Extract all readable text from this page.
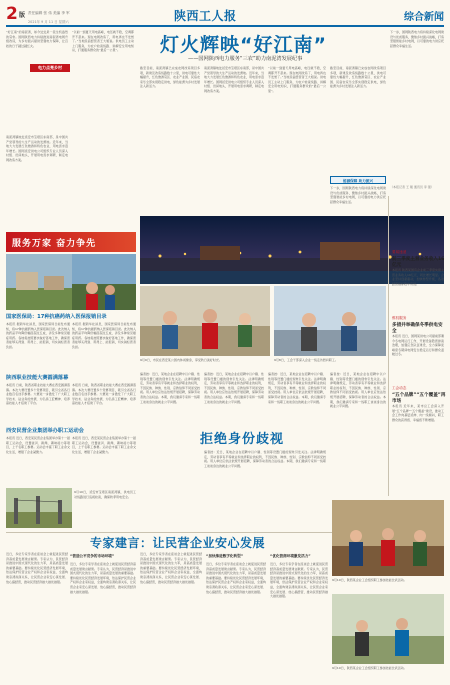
2 版 责任编辑 张 伟 美编 李 军	陕西工人报	综合新闻
2021年 9 月 11 日 星期六
“好江南”的南泥湾，如今处处是一派生机盎然的景象。国网陕西电力持续推进南泥湾电网升级改造，为乡村振兴提供坚强电力保障，让百姓的日子越过越红火。
南泥湾镇地处延安市宝塔区东南部，是中国共产党领导的大生产运动的发源地。近年来，当地大力发展红色旅游和特色农业，用电需求逐年增长。国网延安供电公司组织专业人员深入村组、田间地头，开展用电需求调研，制定电网改造方案。
“以前一到夏天用电高峰，电压就不稳，空调都开不起来。现在电网改造了，用电再也不发愁了。”当地民宿经营者王大姐说。供电员工主动上门服务，为农户检查线路、讲解安全用电知识，打通服务群众的“最后一公里”。
电力点亮乡村
灯火辉映“好江南”
——国网陕西电力服务“三农”助力南泥湾发展纪事
截至目前，南泥湾镇已完成农网改造项目多项，新建及改造线路数十公里，供电可靠性大幅提升，红色旅游景区、农业产业园、民宿农家乐全部实现稳定供电，绿色能源为乡村发展注入新活力。
南泥湾镇地处延安市宝塔区东南部，是中国共产党领导的大生产运动的发源地。近年来，当地大力发展红色旅游和特色农业，用电需求逐年增长。国网延安供电公司组织专业人员深入村组、田间地头，开展用电需求调研，制定电网改造方案。
“以前一到夏天用电高峰，电压就不稳，空调都开不起来。现在电网改造了，用电再也不发愁了。”当地民宿经营者王大姐说。供电员工主动上门服务，为农户检查线路、讲解安全用电知识，打通服务群众的“最后一公里”。
截至目前，南泥湾镇已完成农网改造项目多项，新建及改造线路数十公里，供电可靠性大幅提升，红色旅游景区、农业产业园、民宿农家乐全部实现稳定供电，绿色能源为乡村发展注入新活力。
能源保障 助力振兴
下一步，国网陕西电力将持续深化电网建设与优质服务，聚焦乡村振兴战略，打造坚强智能乡村电网，以可靠的电力供应托起群众幸福生活。
下一步，国网陕西电力将持续深化电网建设与优质服务，聚焦乡村振兴战略，打造坚强智能乡村电网，以可靠的电力供应托起群众幸福生活。
（本报记者 王 刚 通讯员 李 强）
服务万家 奋力争先
国家医保局：17种抗癌药纳入医保报销目录
本报讯 据新华社消息，国家医保局日前发布通知，将17种抗癌药纳入医保报销目录。此次纳入的药品平均降价幅度超过五成，涉及多种常见癌症用药。各地将按照要求做好落地工作，确保患者能够买得到、用得上、能报销，切实减轻患者负担。
本报讯 据新华社消息，国家医保局日前发布通知，将17种抗癌药纳入医保报销目录。此次纳入的药品平均降价幅度超过五成，涉及多种常见癌症用药。各地将按照要求做好落地工作，确保患者能够买得到、用得上、能报销，切实减轻患者负担。
陕西职业技能大赛圆满落幕
本报讯 日前，陕西省职业技能大赛在西安圆满落幕。本次大赛设置多个竞赛项目，吸引全省各行业数百名选手参赛。大赛进一步激发了广大职工学技术、钻业务的热情，为弘扬工匠精神、培养高技能人才搭建了平台。
本报讯 日前，陕西省职业技能大赛在西安圆满落幕。本次大赛设置多个竞赛项目，吸引全省各行业数百名选手参赛。大赛进一步激发了广大职工学技术、钻业务的热情，为弘扬工匠精神、培养高技能人才搭建了平台。
西安民营企业集团举办职工运动会
本报讯 近日，西安某民营企业集团举办第十一届职工运动会，设置拔河、跳绳、趣味接力等项目，上千名职工参赛。运动会丰富了职工业余文化生活，增强了企业凝聚力。
本报讯 近日，西安某民营企业集团举办第十一届职工运动会，设置拔河、跳绳、趣味接力等项目，上千名职工参赛。运动会丰富了职工业余文化生活，增强了企业凝聚力。
9月10日，延安市宝塔区南泥湾镇，供电员工对线路进行巡视检查，确保秋季用电安全。
9月9日，市民在西安某公园内休闲健身，享受秋日美好时光。	9月8日，工会干部深入企业一线走访慰问职工。
编者按：近日，某地企业在招聘中以户籍、性别等设置门槛的现象引发关注。法律明确规定，劳动者享有平等就业和选择职业的权利，不因民族、种族、性别、宗教信仰不同而受歧视。用人单位应依法依规开展招聘，保障劳动者的合法权益。本期，我们邀请专家和一线职工谈谈身边的就业公平问题。
编者按：近日，某地企业在招聘中以户籍、性别等设置门槛的现象引发关注。法律明确规定，劳动者享有平等就业和选择职业的权利，不因民族、种族、性别、宗教信仰不同而受歧视。用人单位应依法依规开展招聘，保障劳动者的合法权益。本期，我们邀请专家和一线职工谈谈身边的就业公平问题。
拒绝身份歧视
编者按：近日，某地企业在招聘中以户籍、性别等设置门槛的现象引发关注。法律明确规定，劳动者享有平等就业和选择职业的权利，不因民族、种族、性别、宗教信仰不同而受歧视。用人单位应依法依规开展招聘，保障劳动者的合法权益。本期，我们邀请专家和一线职工谈谈身边的就业公平问题。
编者按：近日，某地企业在招聘中以户籍、性别等设置门槛的现象引发关注。法律明确规定，劳动者享有平等就业和选择职业的权利，不因民族、种族、性别、宗教信仰不同而受歧视。用人单位应依法依规开展招聘，保障劳动者的合法权益。本期，我们邀请专家和一线职工谈谈身边的就业公平问题。
编者按：近日，某地企业在招聘中以户籍、性别等设置门槛的现象引发关注。法律明确规定，劳动者享有平等就业和选择职业的权利，不因民族、种族、性别、宗教信仰不同而受歧视。用人单位应依法依规开展招聘，保障劳动者的合法权益。本期，我们邀请专家和一线职工谈谈身边的就业公平问题。
要闻速递
前三季度主营业务收入16亿元
本报讯 陕西某国有企业前三季度实现主营业务收入16亿元，同比增长明显。企业坚持创新驱动，加快转型升级，各项经营指标稳中有进。
维权服务
多措并举确保冬季供电安全
本报讯 近日，国网某供电公司提前部署今冬电网运行工作，开展设备隐患排查治理，加强应急队伍建设，全力保障迎峰度冬期间电网安全稳定运行和群众温暖过冬。
工会动态
“五个品牌”“五个覆盖”再市场
本报讯 近年来，某市总工会深入开展“五个品牌”“五个覆盖”建设，推动工会工作向基层延伸、向一线倾斜，职工群众的获得感、幸福感不断增强。
专家建言：让民营企业安心发展
近日，多位专家学者在座谈会上就促进民营经济高质量发展建言献策。专家认为，民营经济是推进中国式现代化的生力军，是高质量发展的重要基础。要持续优化民营经济发展环境，依法保护民营企业产权和企业家权益，全面构建亲清政商关系，让民营企业家安心谋发展、放心搞经营，推动民营经济做大做优做强。
“营造公平竞争的市场环境”
近日，多位专家学者在座谈会上就促进民营经济高质量发展建言献策。专家认为，民营经济是推进中国式现代化的生力军，是高质量发展的重要基础。要持续优化民营经济发展环境，依法保护民营企业产权和企业家权益，全面构建亲清政商关系，让民营企业家安心谋发展、放心搞经营，推动民营经济做大做优做强。
近日，多位专家学者在座谈会上就促进民营经济高质量发展建言献策。专家认为，民营经济是推进中国式现代化的生力军，是高质量发展的重要基础。要持续优化民营经济发展环境，依法保护民营企业产权和企业家权益，全面构建亲清政商关系，让民营企业家安心谋发展、放心搞经营，推动民营经济做大做优做强。
“加快推进数字化转型”
近日，多位专家学者在座谈会上就促进民营经济高质量发展建言献策。专家认为，民营经济是推进中国式现代化的生力军，是高质量发展的重要基础。要持续优化民营经济发展环境，依法保护民营企业产权和企业家权益，全面构建亲清政商关系，让民营企业家安心谋发展、放心搞经营，推动民营经济做大做优做强。
“优化营商环境激发活力”
近日，多位专家学者在座谈会上就促进民营经济高质量发展建言献策。专家认为，民营经济是推进中国式现代化的生力军，是高质量发展的重要基础。要持续优化民营经济发展环境，依法保护民营企业产权和企业家权益，全面构建亲清政商关系，让民营企业家安心谋发展、放心搞经营，推动民营经济做大做优做强。
9月10日，陕西某企业工会组织职工参加技能比武活动。
9月10日，陕西某企业工会组织职工参加技能比武活动。
